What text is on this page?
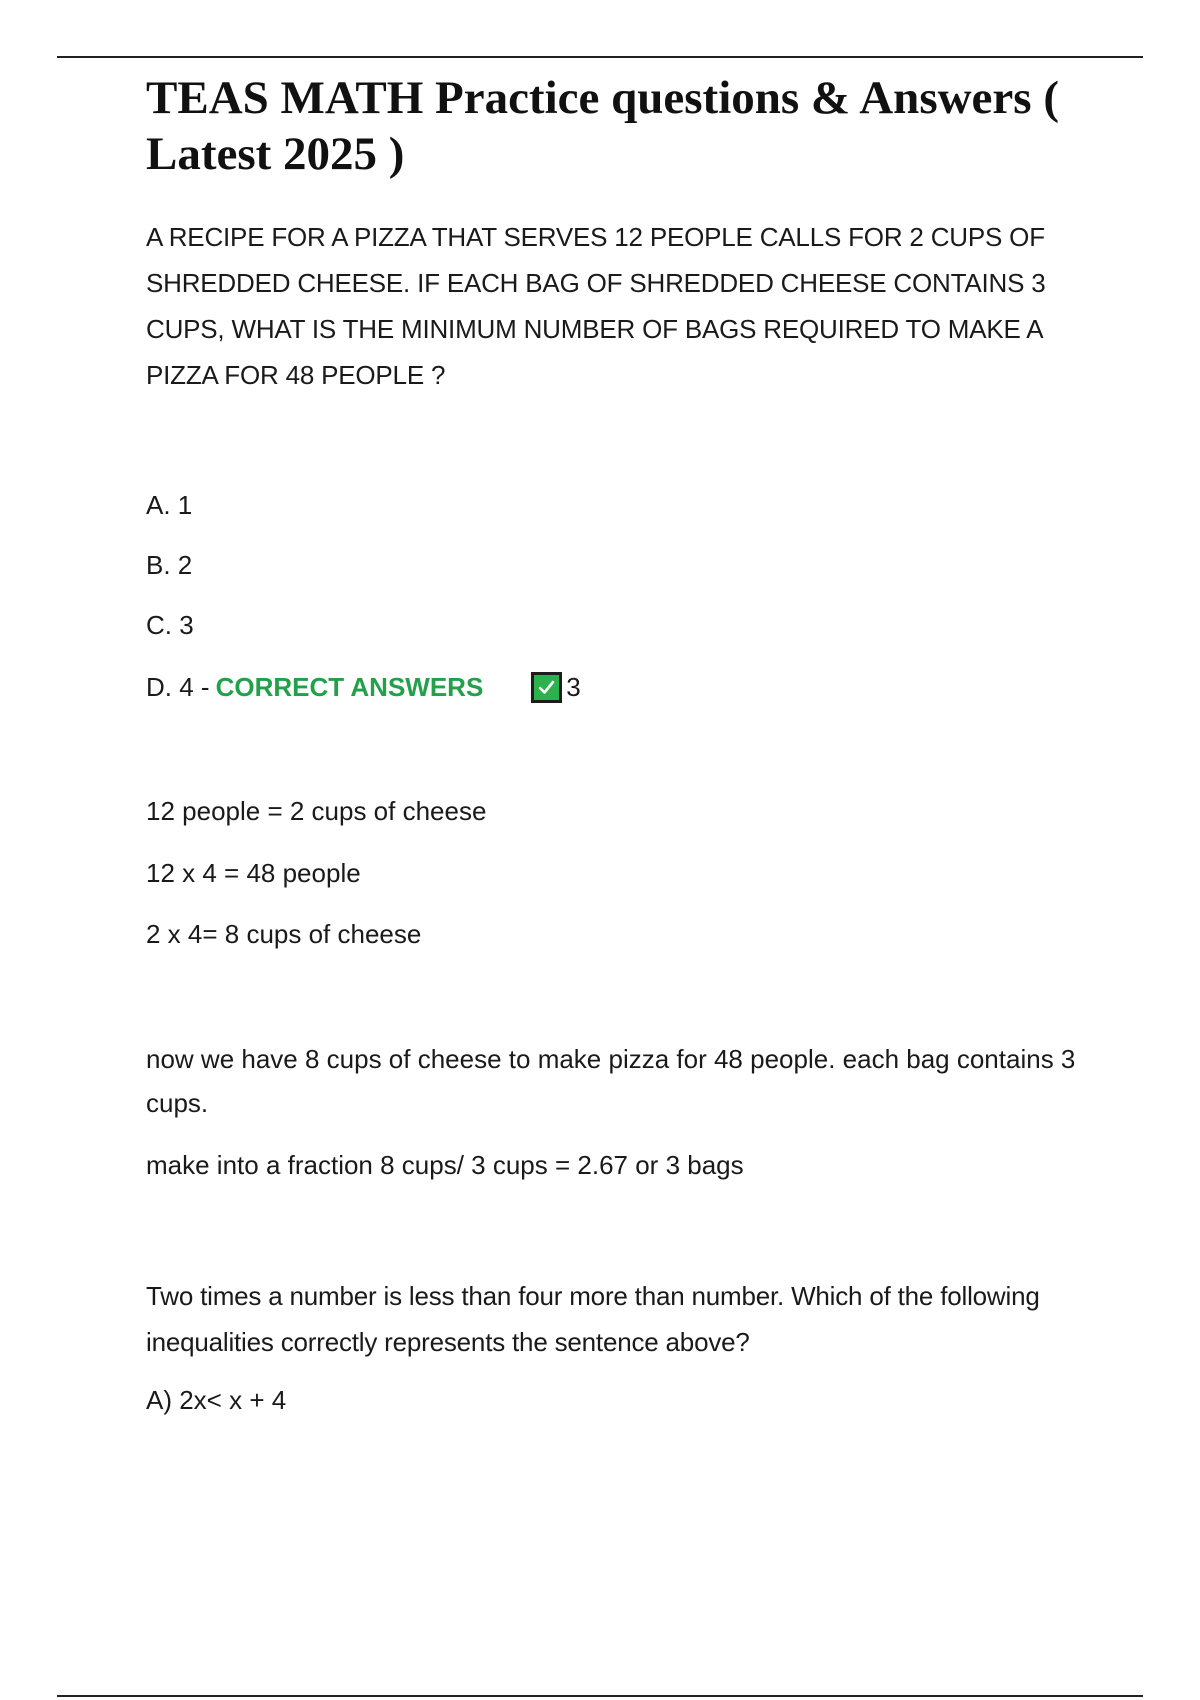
TEAS MATH Practice questions & Answers ( Latest 2025 )

A RECIPE FOR A PIZZA THAT SERVES 12 PEOPLE CALLS FOR 2 CUPS OF SHREDDED CHEESE. IF EACH BAG OF SHREDDED CHEESE CONTAINS 3 CUPS, WHAT IS THE MINIMUM NUMBER OF BAGS REQUIRED TO MAKE A PIZZA FOR 48 PEOPLE ?

A. 1

B. 2

C. 3

D. 4 - CORRECT ANSWERS	3

12 people = 2 cups of cheese

12 x 4 = 48 people

2 x 4= 8 cups of cheese

now we have 8 cups of cheese to make pizza for 48 people. each bag contains 3 cups.

make into a fraction 8 cups/ 3 cups = 2.67 or 3 bags

Two times a number is less than four more than number. Which of the following inequalities correctly represents the sentence above?

A) 2x< x + 4
